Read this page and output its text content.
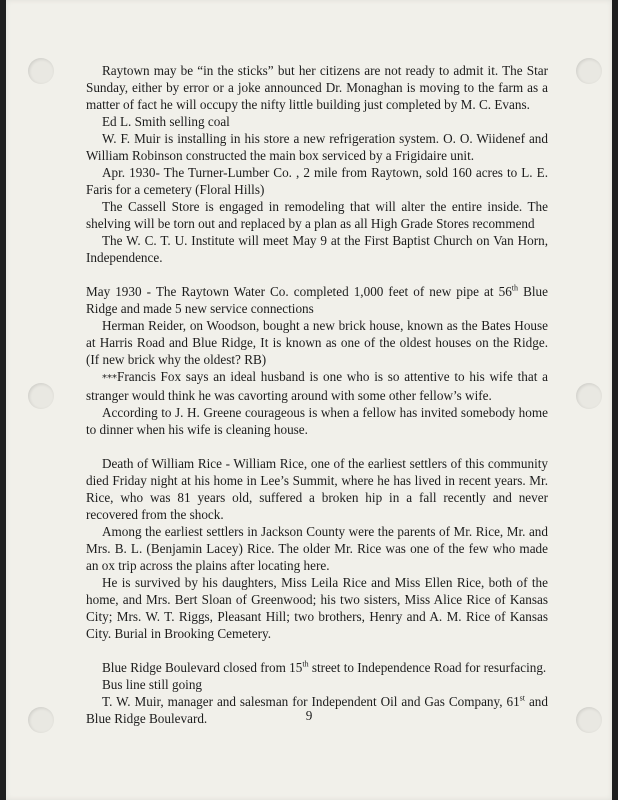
Raytown may be “in the sticks” but her citizens are not ready to admit it. The Star Sunday, either by error or a joke announced Dr. Monaghan is moving to the farm as a matter of fact he will occupy the nifty little building just completed by M. C. Evans.

Ed L. Smith selling coal

W. F. Muir is installing in his store a new refrigeration system. O. O. Wiidenef and William Robinson constructed the main box serviced by a Frigidaire unit.

Apr. 1930- The Turner-Lumber Co. , 2 mile from Raytown, sold 160 acres to L. E. Faris for a cemetery (Floral Hills)

The Cassell Store is engaged in remodeling that will alter the entire inside. The shelving will be torn out and replaced by a plan as all High Grade Stores recommend

The W. C. T. U. Institute will meet May 9 at the First Baptist Church on Van Horn, Independence.

May 1930 - The Raytown Water Co. completed 1,000 feet of new pipe at 56th Blue Ridge and made 5 new service connections

Herman Reider, on Woodson, bought a new brick house, known as the Bates House at Harris Road and Blue Ridge, It is known as one of the oldest houses on the Ridge. (If new brick why the oldest? RB)

***Francis Fox says an ideal husband is one who is so attentive to his wife that a stranger would think he was cavorting around with some other fellow’s wife.

According to J. H. Greene courageous is when a fellow has invited somebody home to dinner when his wife is cleaning house.

Death of William Rice - William Rice, one of the earliest settlers of this community died Friday night at his home in Lee’s Summit, where he has lived in recent years. Mr. Rice, who was 81 years old, suffered a broken hip in a fall recently and never recovered from the shock.

Among the earliest settlers in Jackson County were the parents of Mr. Rice, Mr. and Mrs. B. L. (Benjamin Lacey) Rice. The older Mr. Rice was one of the few who made an ox trip across the plains after locating here.

He is survived by his daughters, Miss Leila Rice and Miss Ellen Rice, both of the home, and Mrs. Bert Sloan of Greenwood; his two sisters, Miss Alice Rice of Kansas City; Mrs. W. T. Riggs, Pleasant Hill; two brothers, Henry and A. M. Rice of Kansas City. Burial in Brooking Cemetery.

Blue Ridge Boulevard closed from 15th street to Independence Road for resurfacing.

Bus line still going

T. W. Muir, manager and salesman for Independent Oil and Gas Company, 61st and Blue Ridge Boulevard.	9
